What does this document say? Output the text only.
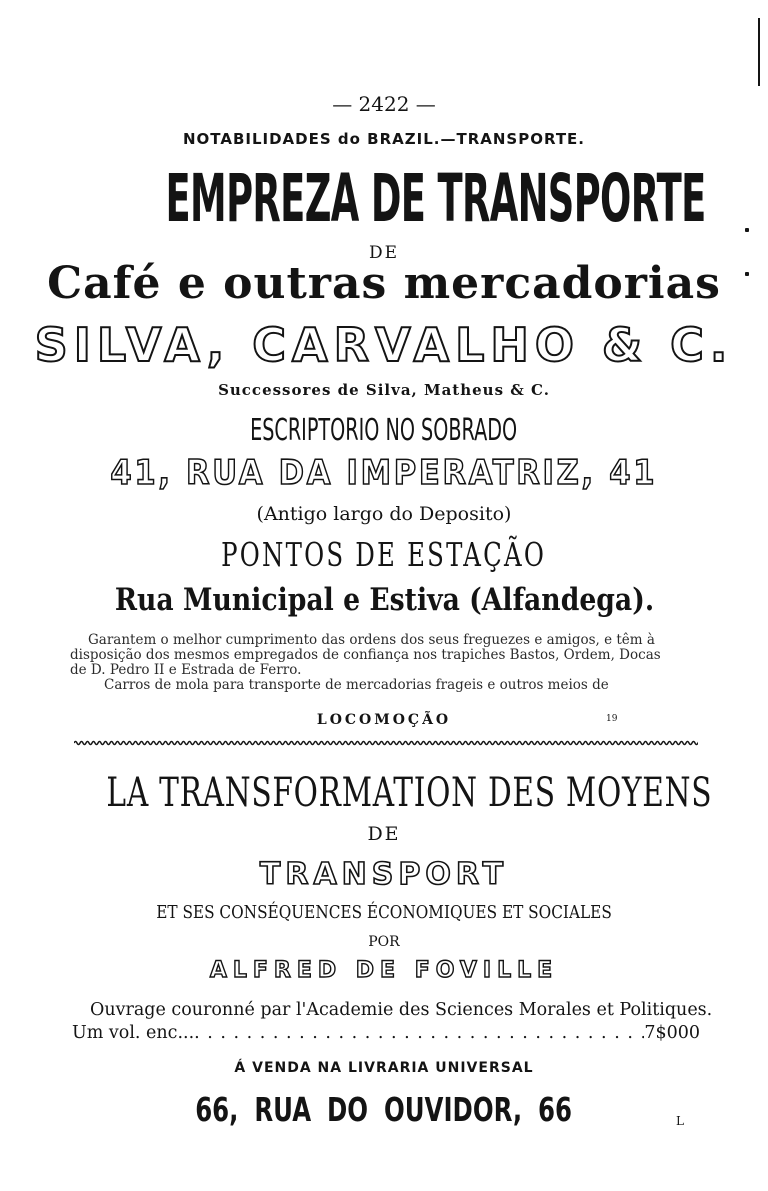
— 2422 —
NOTABILIDADES do BRAZIL.—TRANSPORTE.
EMPREZA DE TRANSPORTE
DE
Café e outras mercadorias
SILVA, CARVALHO & C.
Successores de Silva, Matheus & C.
ESCRIPTORIO NO SOBRADO
41, RUA DA IMPERATRIZ, 41
(Antigo largo do Deposito)
PONTOS DE ESTAÇÃO
Rua Municipal e Estiva (Alfandega).
Garantem o melhor cumprimento das ordens dos seus freguezes e amigos, e têm à
disposição dos mesmos empregados de confiança nos trapiches Bastos, Ordem, Docas
de D. Pedro II e Estrada de Ferro.
Carros de mola para transporte de mercadorias frageis e outros meios de
LOCOMOÇÃO	19
LA TRANSFORMATION DES MOYENS
DE
TRANSPORT
ET SES CONSÉQUENCES ÉCONOMIQUES ET SOCIALES
POR
ALFRED DE FOVILLE
Ouvrage couronné par l'Academie des Sciences Morales et Politiques.
Um vol. enc...
. . .	7$000
Á VENDA NA LIVRARIA UNIVERSAL
66, RUA DO OUVIDOR, 66	L
